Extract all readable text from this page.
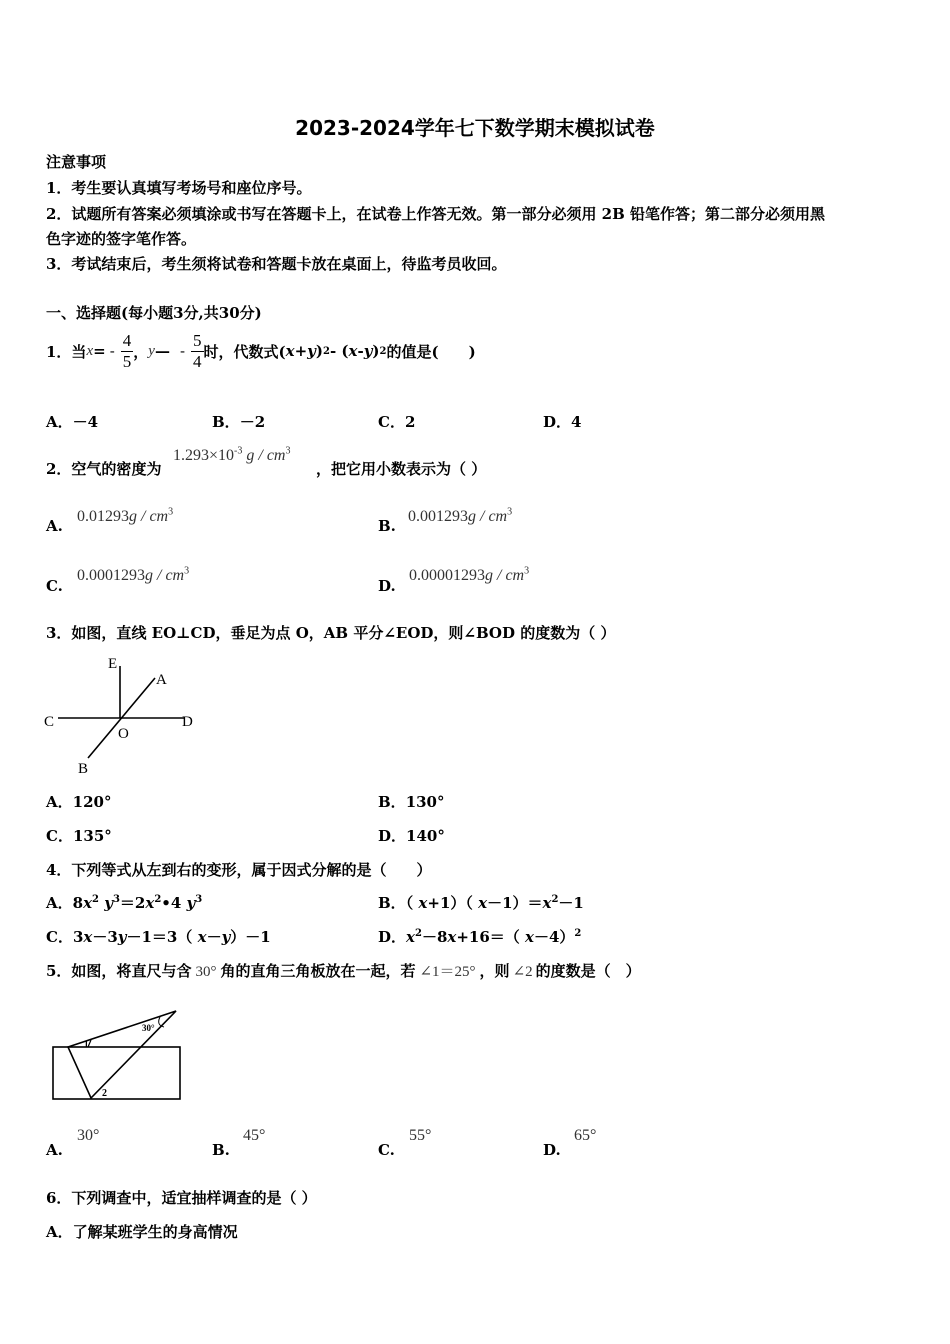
2023-2024学年七下数学期末模拟试卷
注意事项
1．考生要认真填写考场号和座位序号。
2．试题所有答案必须填涂或书写在答题卡上，在试卷上作答无效。第一部分必须用 2B 铅笔作答；第二部分必须用黑
色字迹的签字笔作答。
3．考试结束后，考生须将试卷和答题卡放在桌面上，待监考员收回。
一、选择题(每小题3分,共30分)
1．当 x = - $\frac{4}{5}$ ， y — - $\frac{5}{4}$ 时，代数式( x + y ) 2 - ( x - y ) 2 的值是(　　)
A．－4	B．－2	C．2	D．4
2．空气的密度为
$1.293\times 10^{-3}$ g / $cm^3$
，把它用小数表示为（ ）
A.
$0.01293g / cm^3$
B.
$0.001293g / cm^3$
C.
$0.0001293g / cm^3$
D.
$0.00001293g / cm^3$
3．如图，直线 EO⊥CD，垂足为点 O，AB 平分∠EOD，则∠BOD 的度数为（ ）
E
A
C	D
O
B
A．120°	B．130°
C．135°	D．140°
4．下列等式从左到右的变形，属于因式分解的是（　　）
A．$8x^2$ $y^3=2x^2•4$ $y^3$	B．（ x+1）（ $x-1)=x^2-1$
C．3x－3y－1＝3（ x－y）－1	D．$x^2-8x+16=$（ x－4）$^2$
5．如图，将直尺与含 30° 角的直角三角板放在一起，若 ∠1＝25° ，则 ∠2 的度数是（　）
30°
1
2
A.
30°
B.
45°
C.
55°
D.
65°
6．下列调查中，适宜抽样调查的是（ ）
A．了解某班学生的身高情况
